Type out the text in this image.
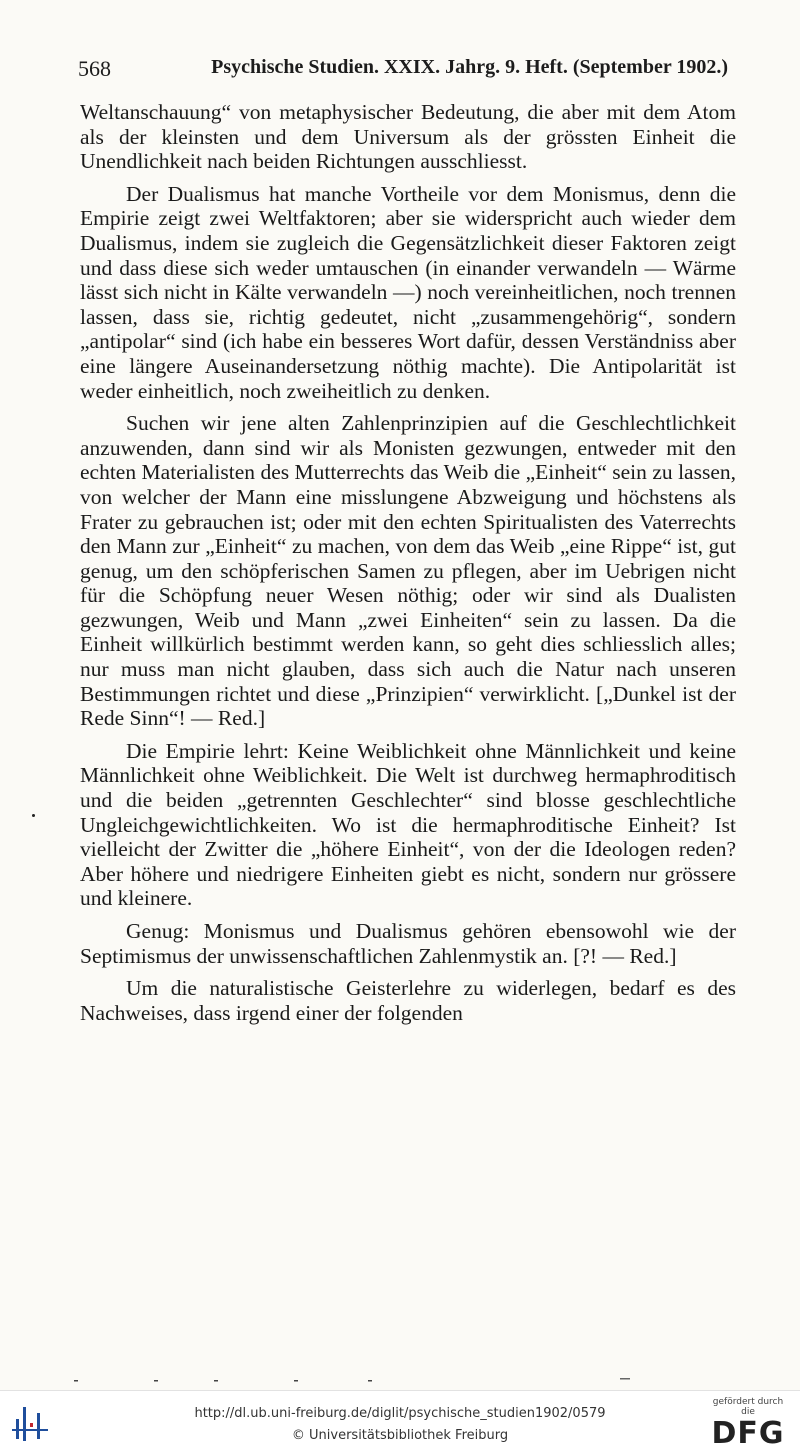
568	Psychische Studien. XXIX. Jahrg. 9. Heft. (September 1902.)

Weltanschauung“ von metaphysischer Bedeutung, die aber mit dem Atom als der kleinsten und dem Universum als der grössten Einheit die Unendlichkeit nach beiden Richtungen ausschliesst.

Der Dualismus hat manche Vortheile vor dem Monismus, denn die Empirie zeigt zwei Weltfaktoren; aber sie widerspricht auch wieder dem Dualismus, indem sie zugleich die Gegensätzlichkeit dieser Faktoren zeigt und dass diese sich weder umtauschen (in einander verwandeln — Wärme lässt sich nicht in Kälte verwandeln —) noch vereinheitlichen, noch trennen lassen, dass sie, richtig gedeutet, nicht „zusammengehörig“, sondern „antipolar“ sind (ich habe ein besseres Wort dafür, dessen Verständniss aber eine längere Auseinandersetzung nöthig machte). Die Antipolarität ist weder einheitlich, noch zweiheitlich zu denken.

Suchen wir jene alten Zahlenprinzipien auf die Geschlechtlichkeit anzuwenden, dann sind wir als Monisten gezwungen, entweder mit den echten Materialisten des Mutterrechts das Weib die „Einheit“ sein zu lassen, von welcher der Mann eine misslungene Abzweigung und höchstens als Frater zu gebrauchen ist; oder mit den echten Spiritualisten des Vaterrechts den Mann zur „Einheit“ zu machen, von dem das Weib „eine Rippe“ ist, gut genug, um den schöpferischen Samen zu pflegen, aber im Uebrigen nicht für die Schöpfung neuer Wesen nöthig; oder wir sind als Dualisten gezwungen, Weib und Mann „zwei Einheiten“ sein zu lassen. Da die Einheit willkürlich bestimmt werden kann, so geht dies schliesslich alles; nur muss man nicht glauben, dass sich auch die Natur nach unseren Bestimmungen richtet und diese „Prinzipien“ verwirklicht. [„Dunkel ist der Rede Sinn“! — Red.]

Die Empirie lehrt: Keine Weiblichkeit ohne Männlichkeit und keine Männlichkeit ohne Weiblichkeit. Die Welt ist durchweg hermaphroditisch und die beiden „getrennten Geschlechter“ sind blosse geschlechtliche Ungleichgewichtlichkeiten. Wo ist die hermaphroditische Einheit? Ist vielleicht der Zwitter die „höhere Einheit“, von der die Ideologen reden? Aber höhere und niedrigere Einheiten giebt es nicht, sondern nur grössere und kleinere.

Genug: Monismus und Dualismus gehören ebensowohl wie der Septimismus der unwissenschaftlichen Zahlenmystik an. [?! — Red.]

Um die naturalistische Geisterlehre zu widerlegen, bedarf es des Nachweises, dass irgend einer der folgenden

http://dl.ub.uni-freiburg.de/diglit/psychische_studien1902/0579
© Universitätsbibliothek Freiburg
gefördert durch die
DFG
